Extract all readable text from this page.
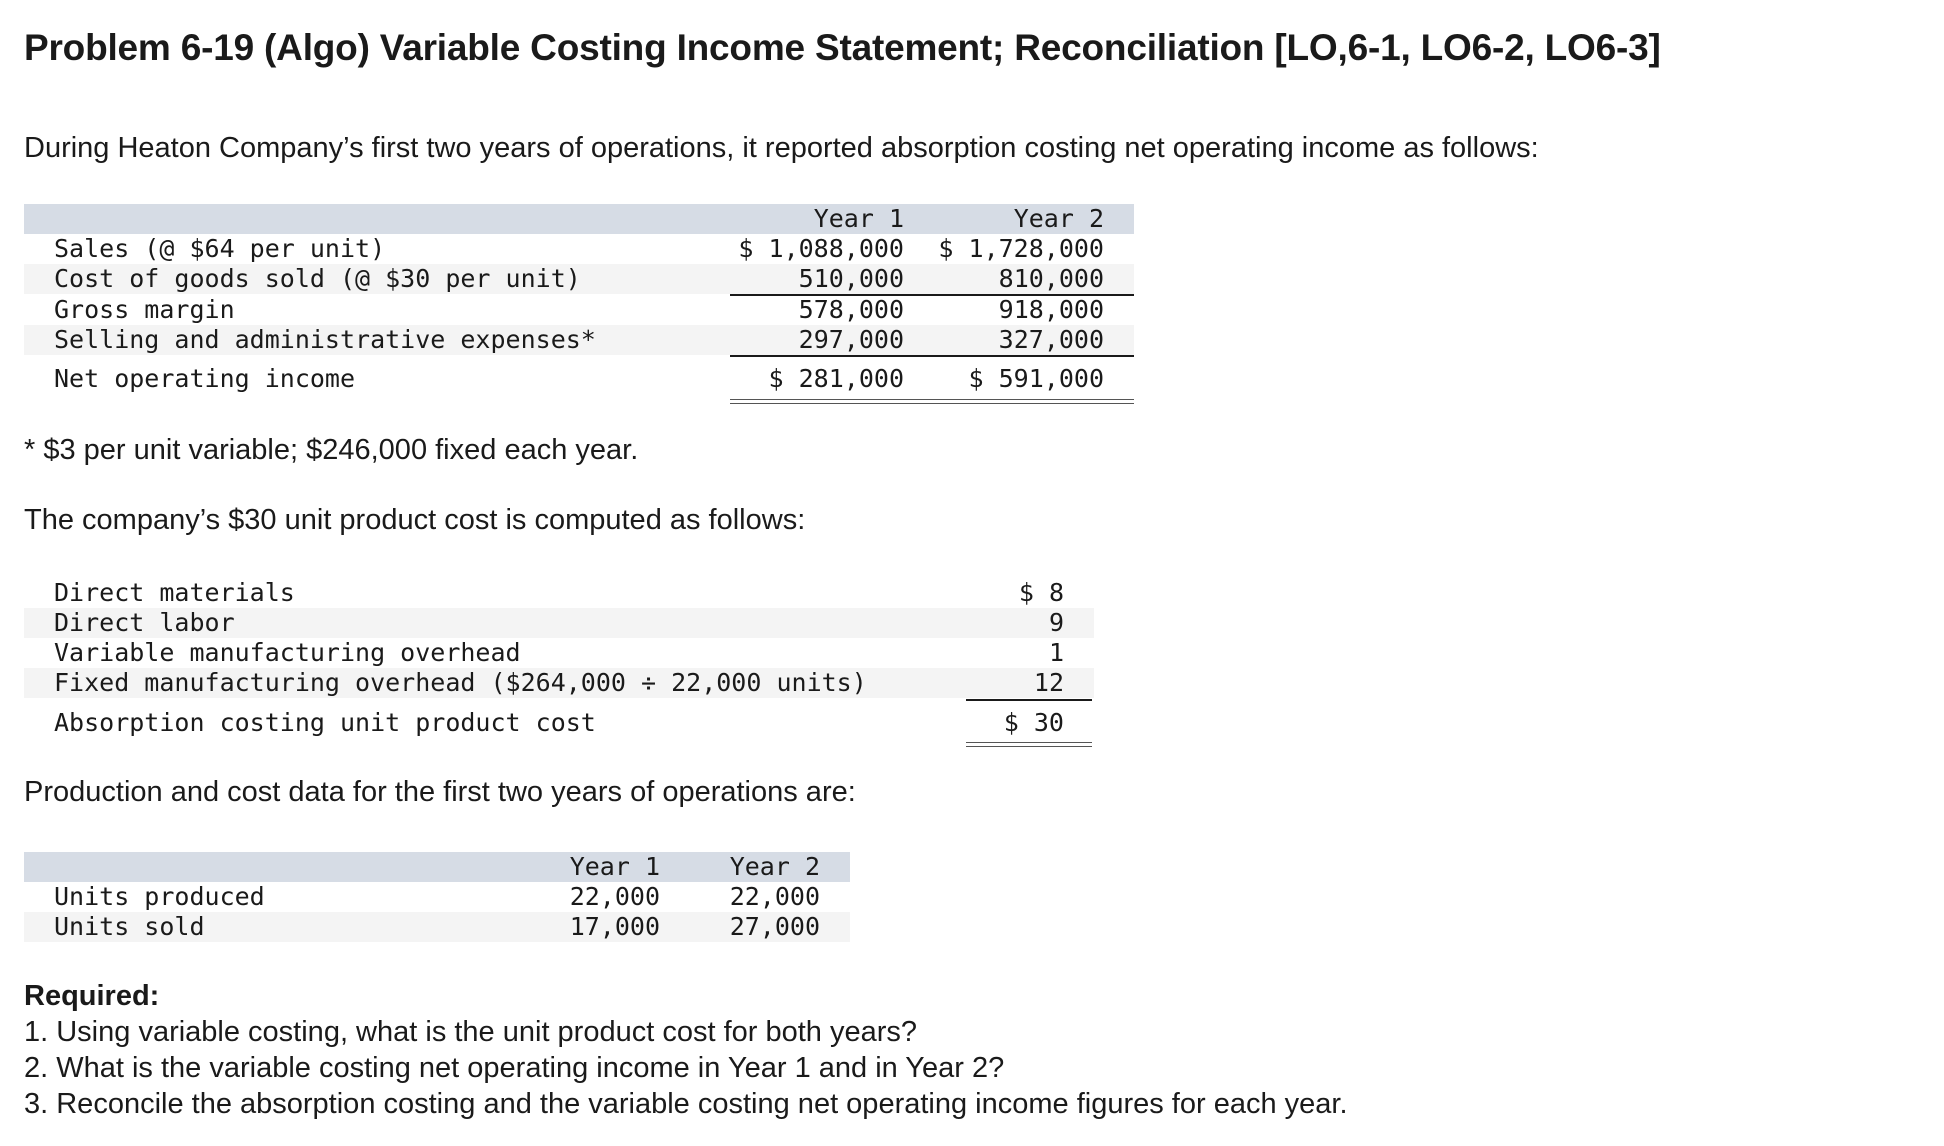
Problem 6-19 (Algo) Variable Costing Income Statement; Reconciliation [LO,6-1, LO6-2, LO6-3]
During Heaton Company’s first two years of operations, it reported absorption costing net operating income as follows:
Year 1	Year 2
Sales (@ $64 per unit)	$ 1,088,000	$ 1,728,000
Cost of goods sold (@ $30 per unit)	510,000	810,000
Gross margin	578,000	918,000
Selling and administrative expenses*	297,000	327,000
Net operating income	$ 281,000	$ 591,000
* $3 per unit variable; $246,000 fixed each year.
The company’s $30 unit product cost is computed as follows:
Direct materials	$ 8
Direct labor	9
Variable manufacturing overhead	1
Fixed manufacturing overhead ($264,000 ÷ 22,000 units)	12
Absorption costing unit product cost	$ 30
Production and cost data for the first two years of operations are:
Year 1	Year 2
Units produced	22,000	22,000
Units sold	17,000	27,000
Required:
1. Using variable costing, what is the unit product cost for both years?
2. What is the variable costing net operating income in Year 1 and in Year 2?
3. Reconcile the absorption costing and the variable costing net operating income figures for each year.
